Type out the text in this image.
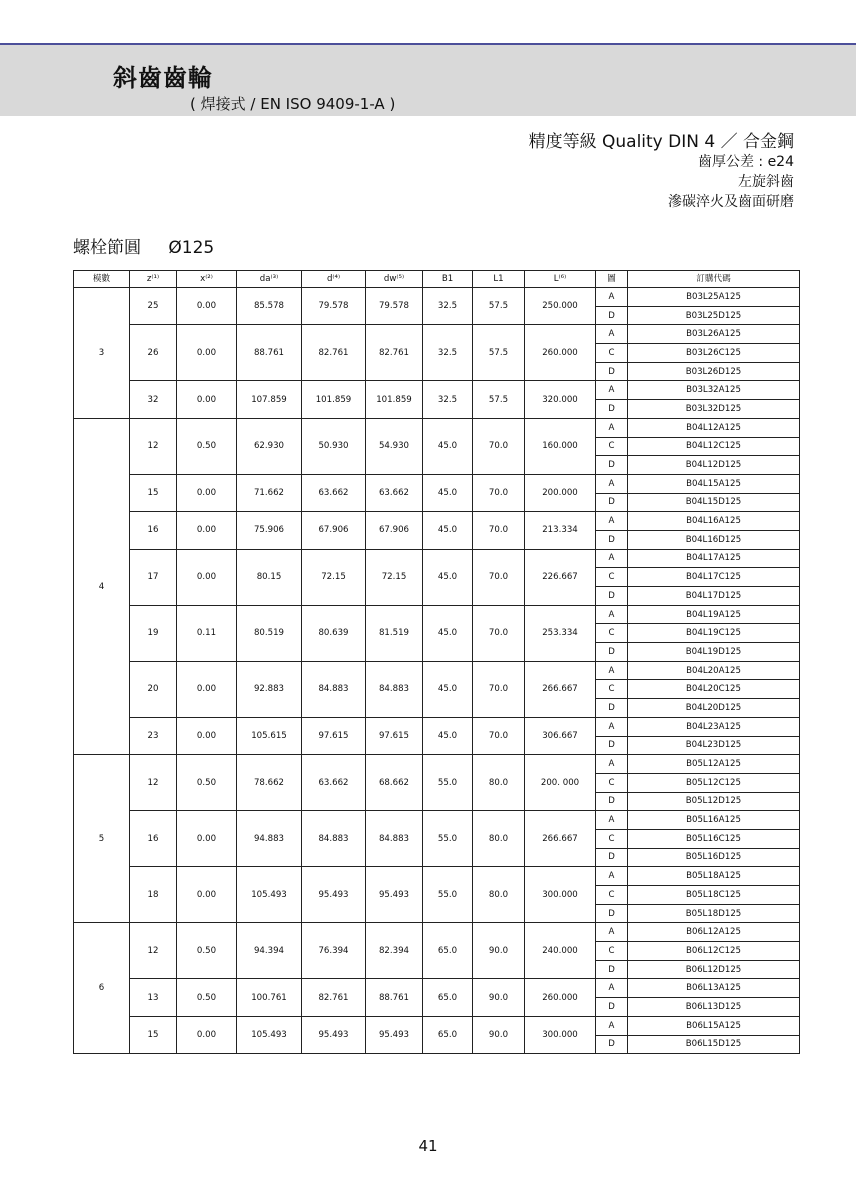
斜齒齒輪
( 焊接式 / EN ISO 9409-1-A )
精度等級 Quality DIN 4 ／ 合金鋼
齒厚公差 : e24
左旋斜齒
滲碳淬火及齒面研磨
螺栓節圓 Ø125
模數	z⁽¹⁾	x⁽²⁾	da⁽³⁾	d⁽⁴⁾	dw⁽⁵⁾	B1	L1	L⁽⁶⁾	圖	訂購代碼
3	25	0.00	85.578	79.578	79.578	32.5	57.5	250.000	A	B03L25A125
									D	B03L25D125
	26	0.00	88.761	82.761	82.761	32.5	57.5	260.000	A	B03L26A125
									C	B03L26C125
									D	B03L26D125
	32	0.00	107.859	101.859	101.859	32.5	57.5	320.000	A	B03L32A125
									D	B03L32D125
4	12	0.50	62.930	50.930	54.930	45.0	70.0	160.000	A	B04L12A125
									C	B04L12C125
									D	B04L12D125
	15	0.00	71.662	63.662	63.662	45.0	70.0	200.000	A	B04L15A125
									D	B04L15D125
	16	0.00	75.906	67.906	67.906	45.0	70.0	213.334	A	B04L16A125
									D	B04L16D125
	17	0.00	80.15	72.15	72.15	45.0	70.0	226.667	A	B04L17A125
									C	B04L17C125
									D	B04L17D125
	19	0.11	80.519	80.639	81.519	45.0	70.0	253.334	A	B04L19A125
									C	B04L19C125
									D	B04L19D125
	20	0.00	92.883	84.883	84.883	45.0	70.0	266.667	A	B04L20A125
									C	B04L20C125
									D	B04L20D125
	23	0.00	105.615	97.615	97.615	45.0	70.0	306.667	A	B04L23A125
									D	B04L23D125
5	12	0.50	78.662	63.662	68.662	55.0	80.0	200. 000	A	B05L12A125
									C	B05L12C125
									D	B05L12D125
	16	0.00	94.883	84.883	84.883	55.0	80.0	266.667	A	B05L16A125
									C	B05L16C125
									D	B05L16D125
	18	0.00	105.493	95.493	95.493	55.0	80.0	300.000	A	B05L18A125
									C	B05L18C125
									D	B05L18D125
6	12	0.50	94.394	76.394	82.394	65.0	90.0	240.000	A	B06L12A125
									C	B06L12C125
									D	B06L12D125
	13	0.50	100.761	82.761	88.761	65.0	90.0	260.000	A	B06L13A125
									D	B06L13D125
	15	0.00	105.493	95.493	95.493	65.0	90.0	300.000	A	B06L15A125
									D	B06L15D125
41
